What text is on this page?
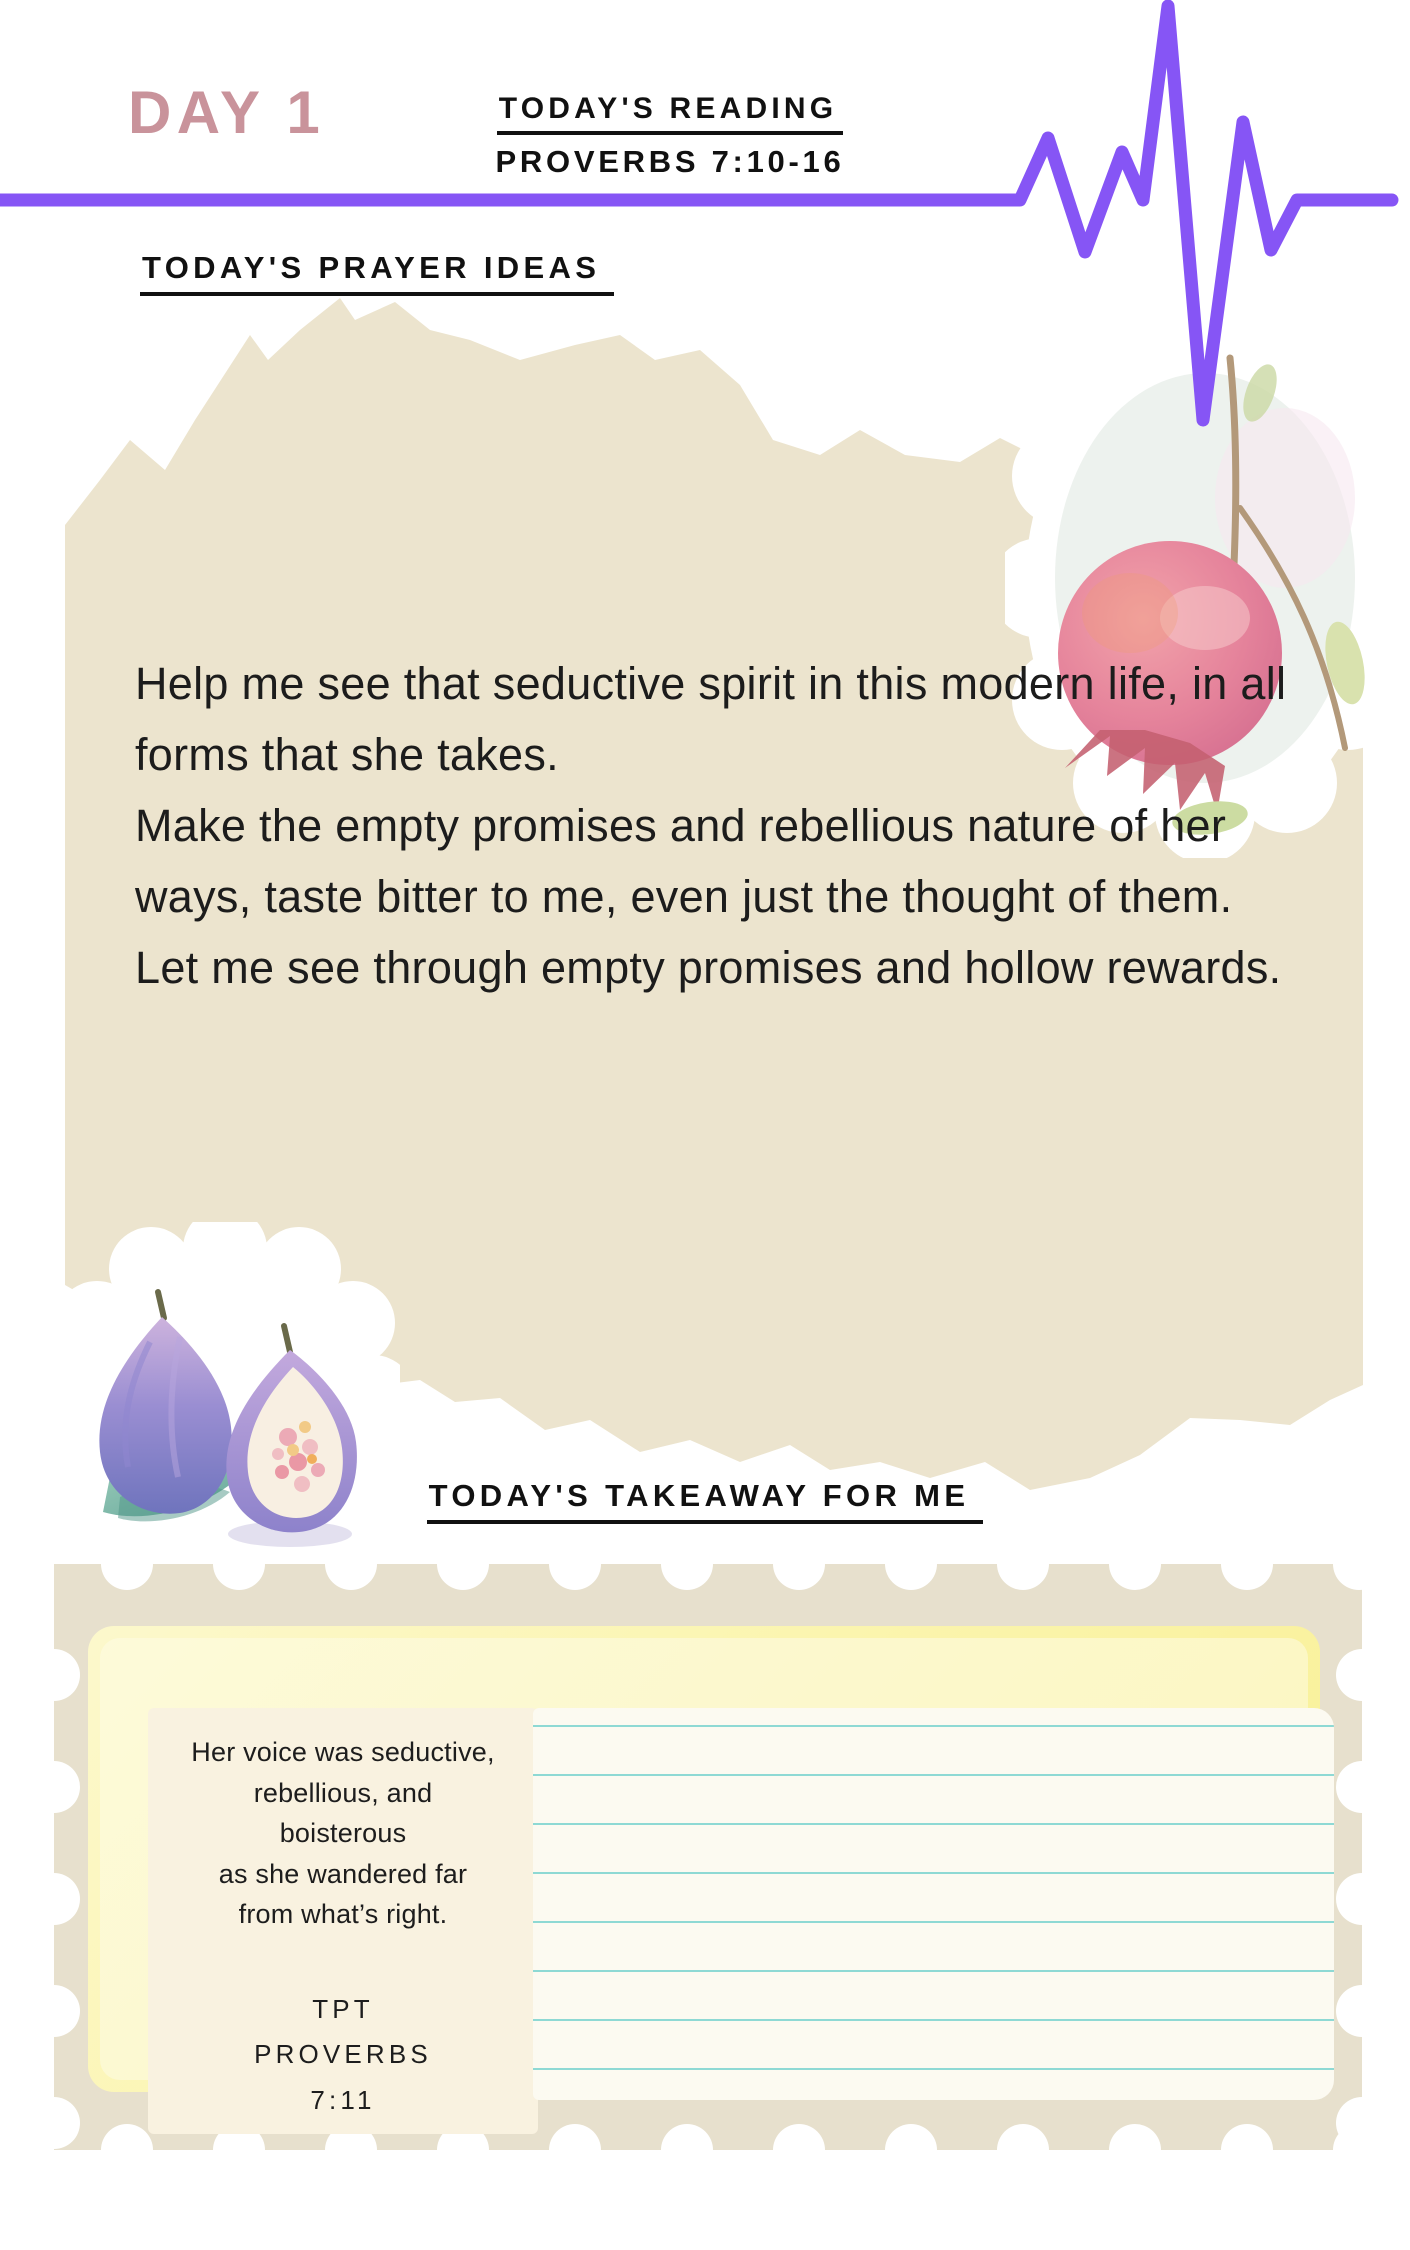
DAY 1	TODAY'S READING
PROVERBS 7:10-16
TODAY'S PRAYER IDEAS

Help me see that seductive spirit in this modern life, in all forms that she takes.

Make the empty promises and rebellious nature of her ways, taste bitter to me, even just the thought of them.

Let me see through empty promises and hollow rewards.

TODAY'S TAKEAWAY FOR ME
Her voice was seductive,
rebellious, and
boisterous
as she wandered far
from what’s right.
TPT
PROVERBS
7:11
